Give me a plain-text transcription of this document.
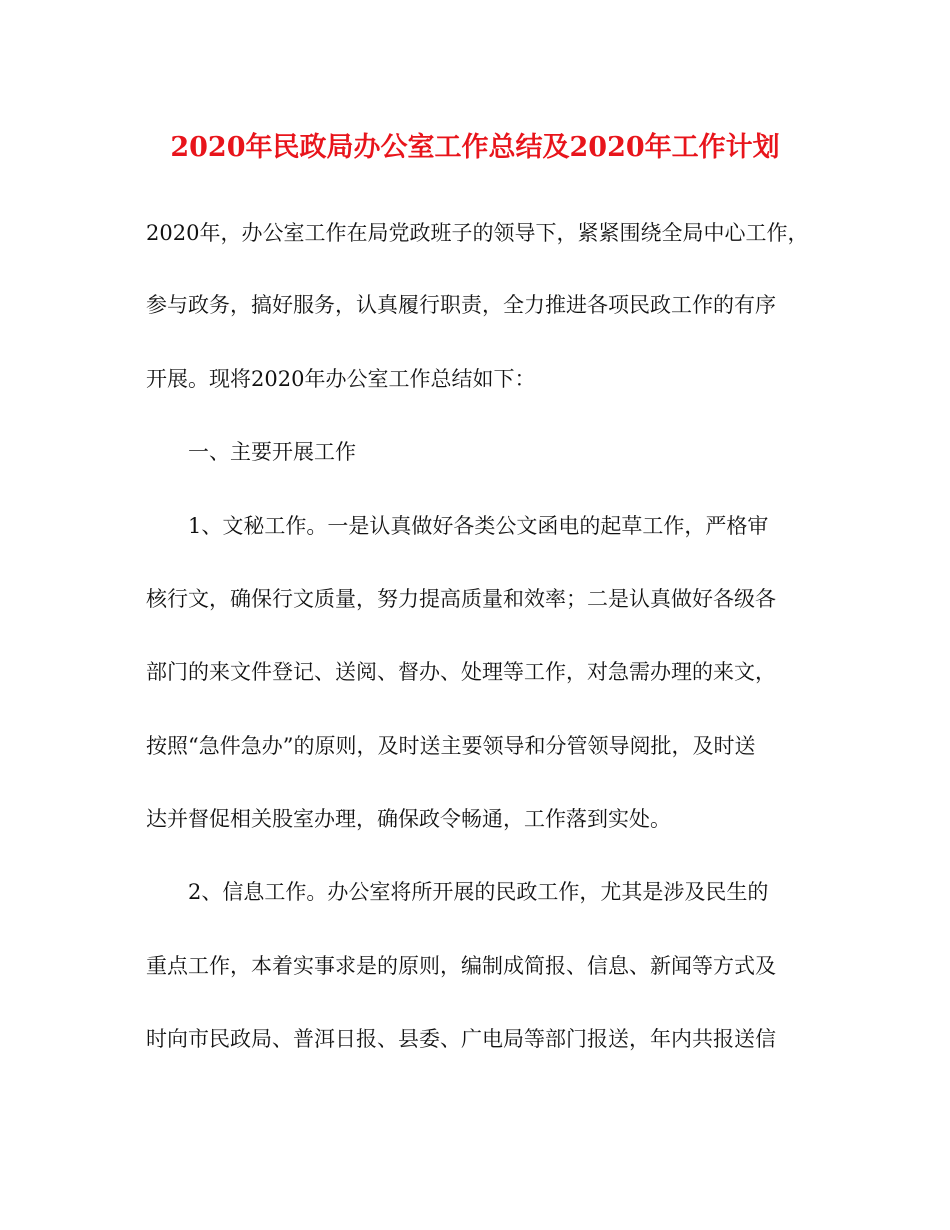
2020年民政局办公室工作总结及2020年工作计划
2020年，办公室工作在局党政班子的领导下，紧紧围绕全局中心工作，
参与政务，搞好服务，认真履行职责，全力推进各项民政工作的有序
开展。现将2020年办公室工作总结如下：
一、主要开展工作
1、文秘工作。一是认真做好各类公文函电的起草工作，严格审
核行文，确保行文质量，努力提高质量和效率；二是认真做好各级各
部门的来文件登记、送阅、督办、处理等工作，对急需办理的来文，
按照“急件急办”的原则，及时送主要领导和分管领导阅批，及时送
达并督促相关股室办理，确保政令畅通，工作落到实处。
2、信息工作。办公室将所开展的民政工作，尤其是涉及民生的
重点工作，本着实事求是的原则，编制成简报、信息、新闻等方式及
时向市民政局、普洱日报、县委、广电局等部门报送，年内共报送信
